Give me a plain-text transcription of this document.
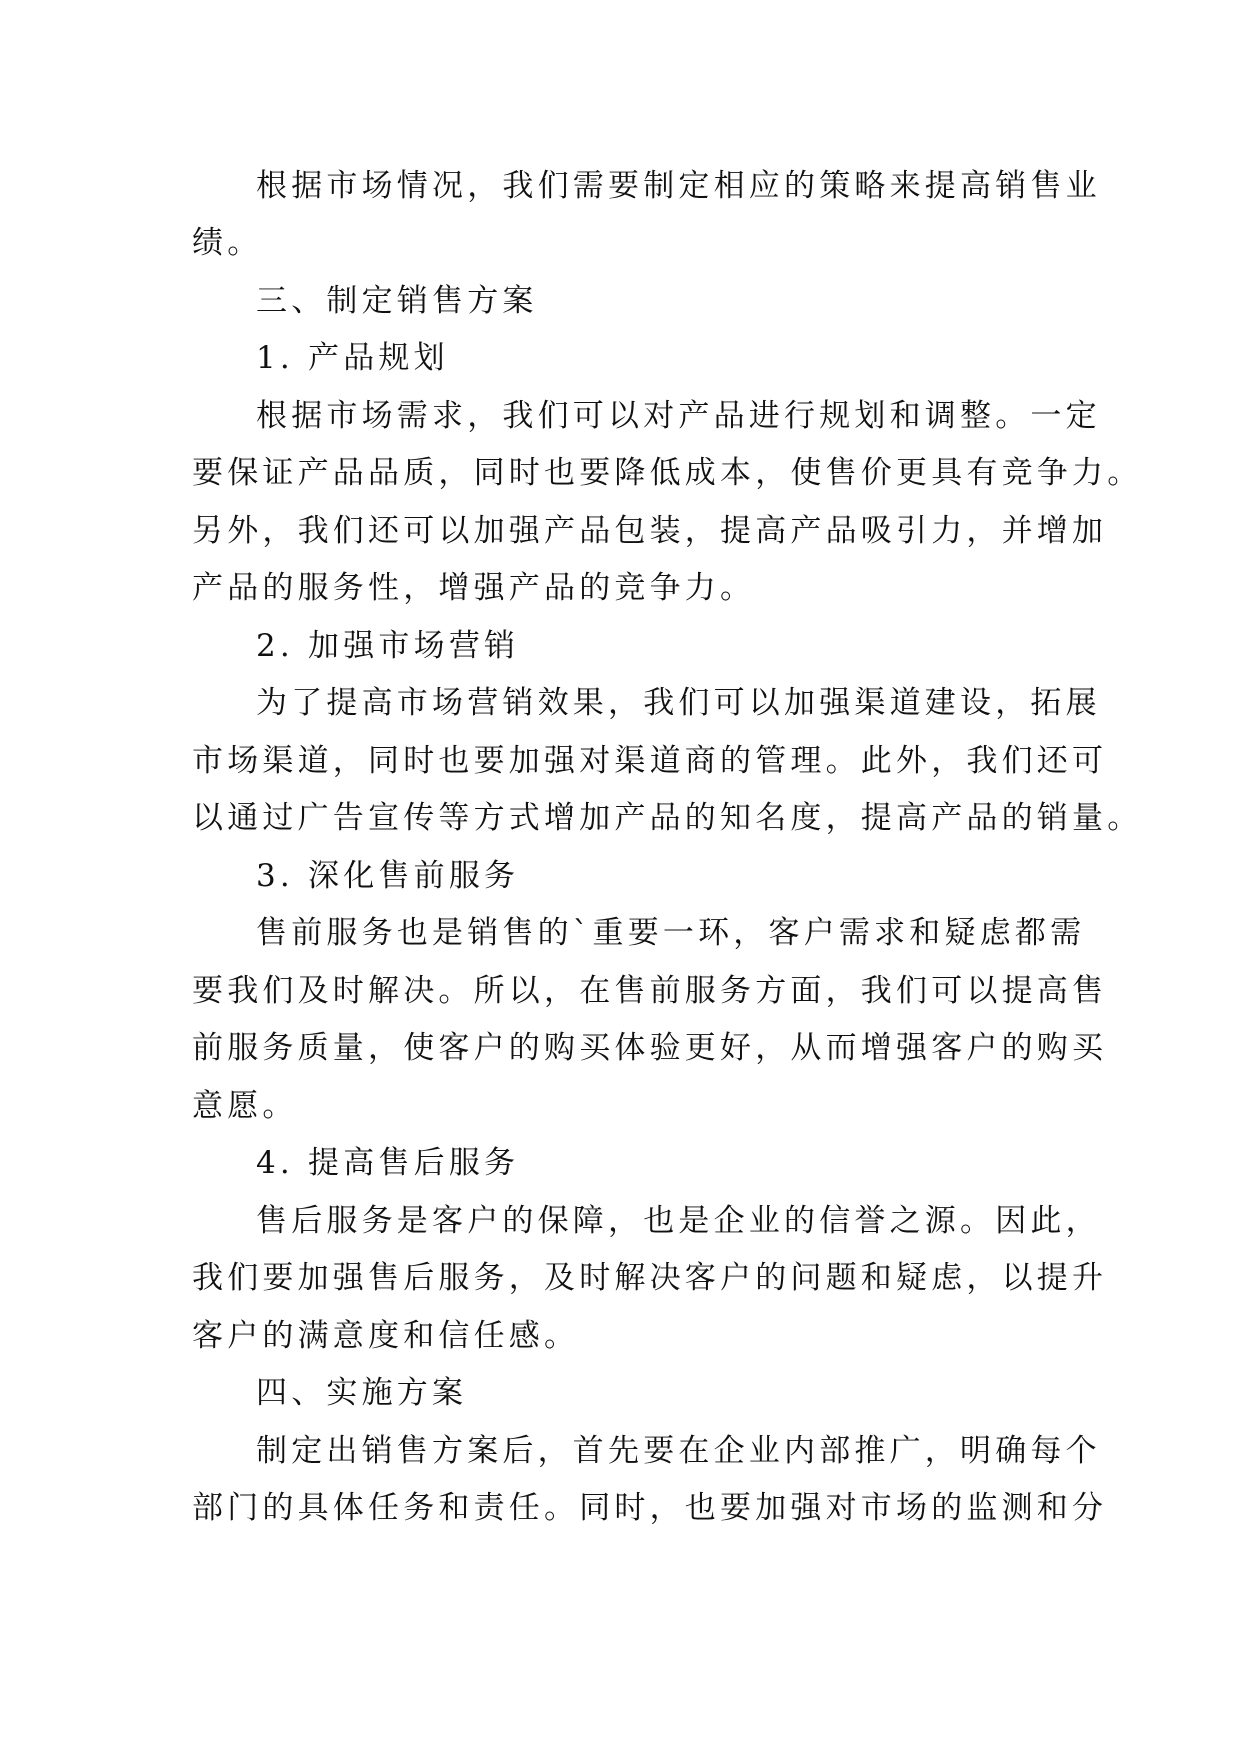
根据市场情况，我们需要制定相应的策略来提高销售业
绩。
三、制定销售方案
1. 产品规划
根据市场需求，我们可以对产品进行规划和调整。一定
要保证产品品质，同时也要降低成本，使售价更具有竞争力。
另外，我们还可以加强产品包装，提高产品吸引力，并增加
产品的服务性，增强产品的竞争力。
2. 加强市场营销
为了提高市场营销效果，我们可以加强渠道建设，拓展
市场渠道，同时也要加强对渠道商的管理。此外，我们还可
以通过广告宣传等方式增加产品的知名度，提高产品的销量。
3. 深化售前服务
售前服务也是销售的`重要一环，客户需求和疑虑都需
要我们及时解决。所以，在售前服务方面，我们可以提高售
前服务质量，使客户的购买体验更好，从而增强客户的购买
意愿。
4. 提高售后服务
售后服务是客户的保障，也是企业的信誉之源。因此，
我们要加强售后服务，及时解决客户的问题和疑虑，以提升
客户的满意度和信任感。
四、实施方案
制定出销售方案后，首先要在企业内部推广，明确每个
部门的具体任务和责任。同时，也要加强对市场的监测和分
